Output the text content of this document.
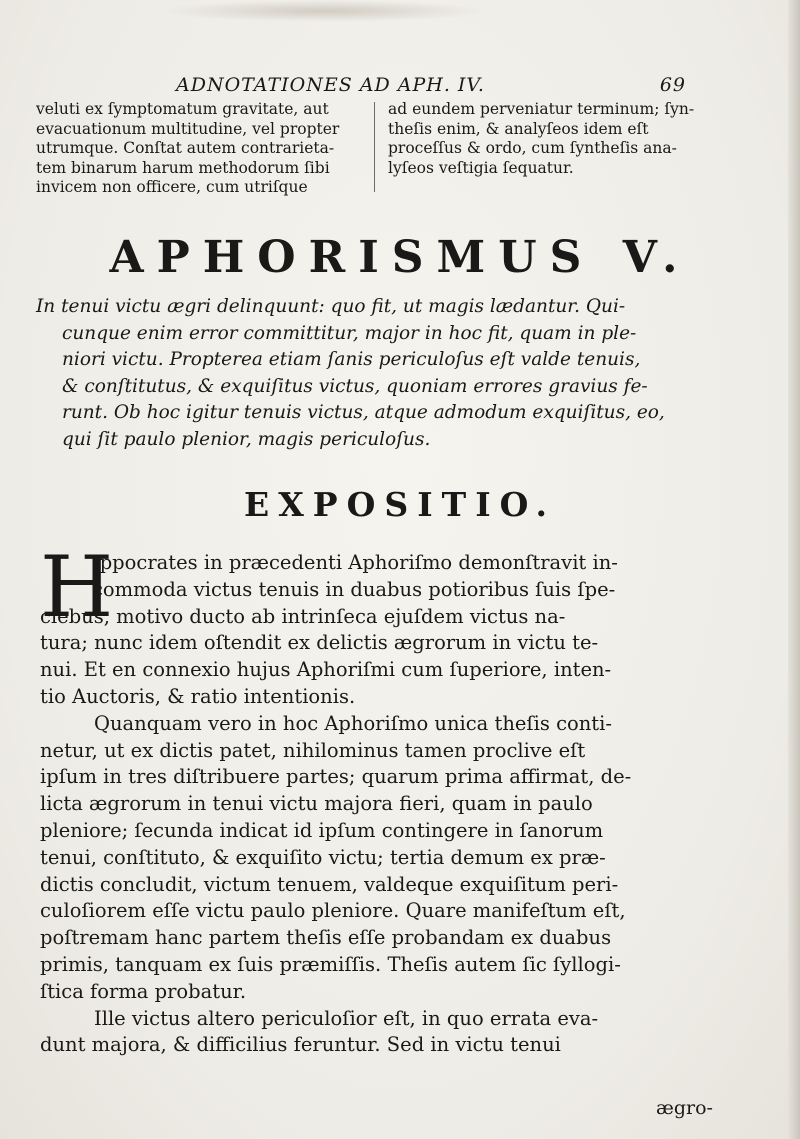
ADNOTATIONES AD APH. IV.	69
veluti ex ſymptomatum gravitate, aut
evacuationum multitudine, vel propter
utrumque. Conſtat autem contrarieta-
tem binarum harum methodorum ſibi
invicem non officere, cum utriſque
ad eundem perveniatur terminum; ſyn-
theſis enim, & analyſeos idem eſt
proceſſus & ordo, cum ſyntheſis ana-
lyſeos veſtigia ſequatur.
APHORISMUS V.
In tenui victu ægri delinquunt: quo fit, ut magis lædantur. Qui-
cunque enim error committitur, major in hoc fit, quam in ple-
niori victu. Propterea etiam ſanis periculoſus eſt valde tenuis,
& conſtitutus, & exquiſitus victus, quoniam errores gravius fe-
runt. Ob hoc igitur tenuis victus, atque admodum exquiſitus, eo,
qui ſit paulo plenior, magis periculoſus.
EXPOSITIO.
H
Ippocrates in præcedenti Aphoriſmo demonſtravit in-
commoda victus tenuis in duabus potioribus ſuis ſpe-
ciebus, motivo ducto ab intrinſeca ejuſdem victus na-
tura; nunc idem oſtendit ex delictis ægrorum in victu te-
nui. Et en connexio hujus Aphoriſmi cum ſuperiore, inten-
tio Auctoris, & ratio intentionis.
Quanquam vero in hoc Aphoriſmo unica theſis conti-
netur, ut ex dictis patet, nihilominus tamen proclive eſt
ipſum in tres diſtribuere partes; quarum prima affirmat, de-
licta ægrorum in tenui victu majora fieri, quam in paulo
pleniore; ſecunda indicat id ipſum contingere in ſanorum
tenui, conſtituto, & exquiſito victu; tertia demum ex præ-
dictis concludit, victum tenuem, valdeque exquiſitum peri-
culoſiorem eſſe victu paulo pleniore. Quare manifeſtum eſt,
poſtremam hanc partem theſis eſſe probandam ex duabus
primis, tanquam ex ſuis præmiſſis. Theſis autem ſic ſyllogi-
ſtica forma probatur.
Ille victus altero periculoſior eſt, in quo errata eva-
dunt majora, & difficilius feruntur. Sed in victu tenui
ægro-
